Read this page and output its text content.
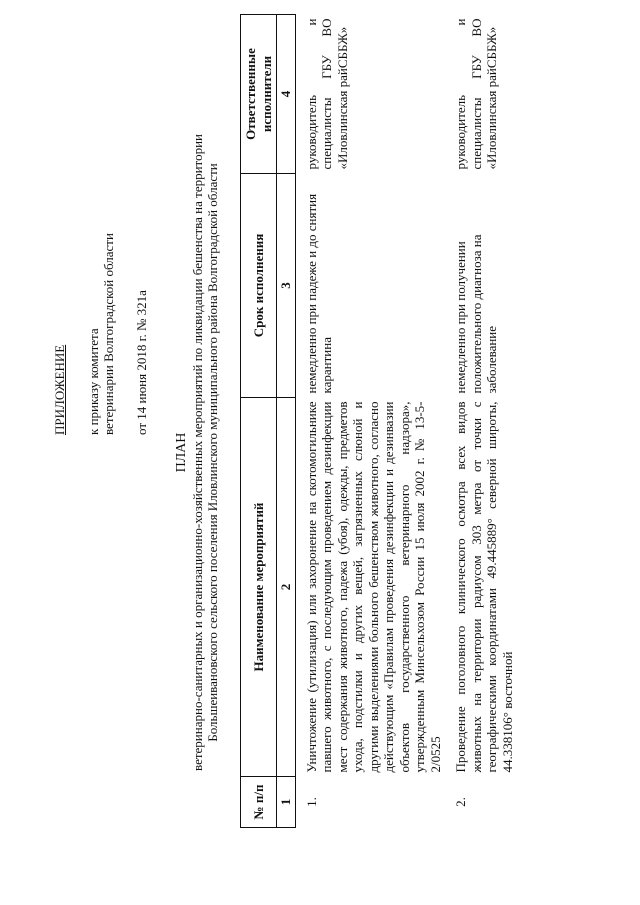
ПРИЛОЖЕНИЕ к приказу комитета ветеринарии Волгоградской области от 14 июня 2018 г. № 321а
ПЛАН ветеринарно-санитарных и организационно-хозяйственных мероприятий по ликвидации бешенства на территории Большеивановского сельского поселения Иловлинского муниципального района Волгоградской области
№ п/п	Наименование мероприятий	Срок исполнения	Ответственные исполнители
1	2	3	4
1.	Уничтожение (утилизация) или захоронение на скотомогильнике павшего животного, с последующим проведением дезинфекции мест содержания животного, падежа (убоя), одежды, предметов ухода, подстилки и других вещей, загрязненных слюной и другими выделениями больного бешенством животного, согласно действующим «Правилам проведения дезинфекции и дезинвазии объектов государственного ветеринарного надзора», утвержденным Минсельхозом России 15 июля 2002 г. № 13-5-2/0525	немедленно при падеже и до снятия карантина	руководитель и специалисты ГБУ ВО «Иловлинская райСББЖ»
2.	Проведение поголовного клинического осмотра всех видов животных на территории радиусом 303 метра от точки с географическими координатами 49.445889° северной широты, 44.338106° восточной	немедленно при получении положительного диагноза на заболевание	руководитель и специалисты ГБУ ВО «Иловлинская райСББЖ»
